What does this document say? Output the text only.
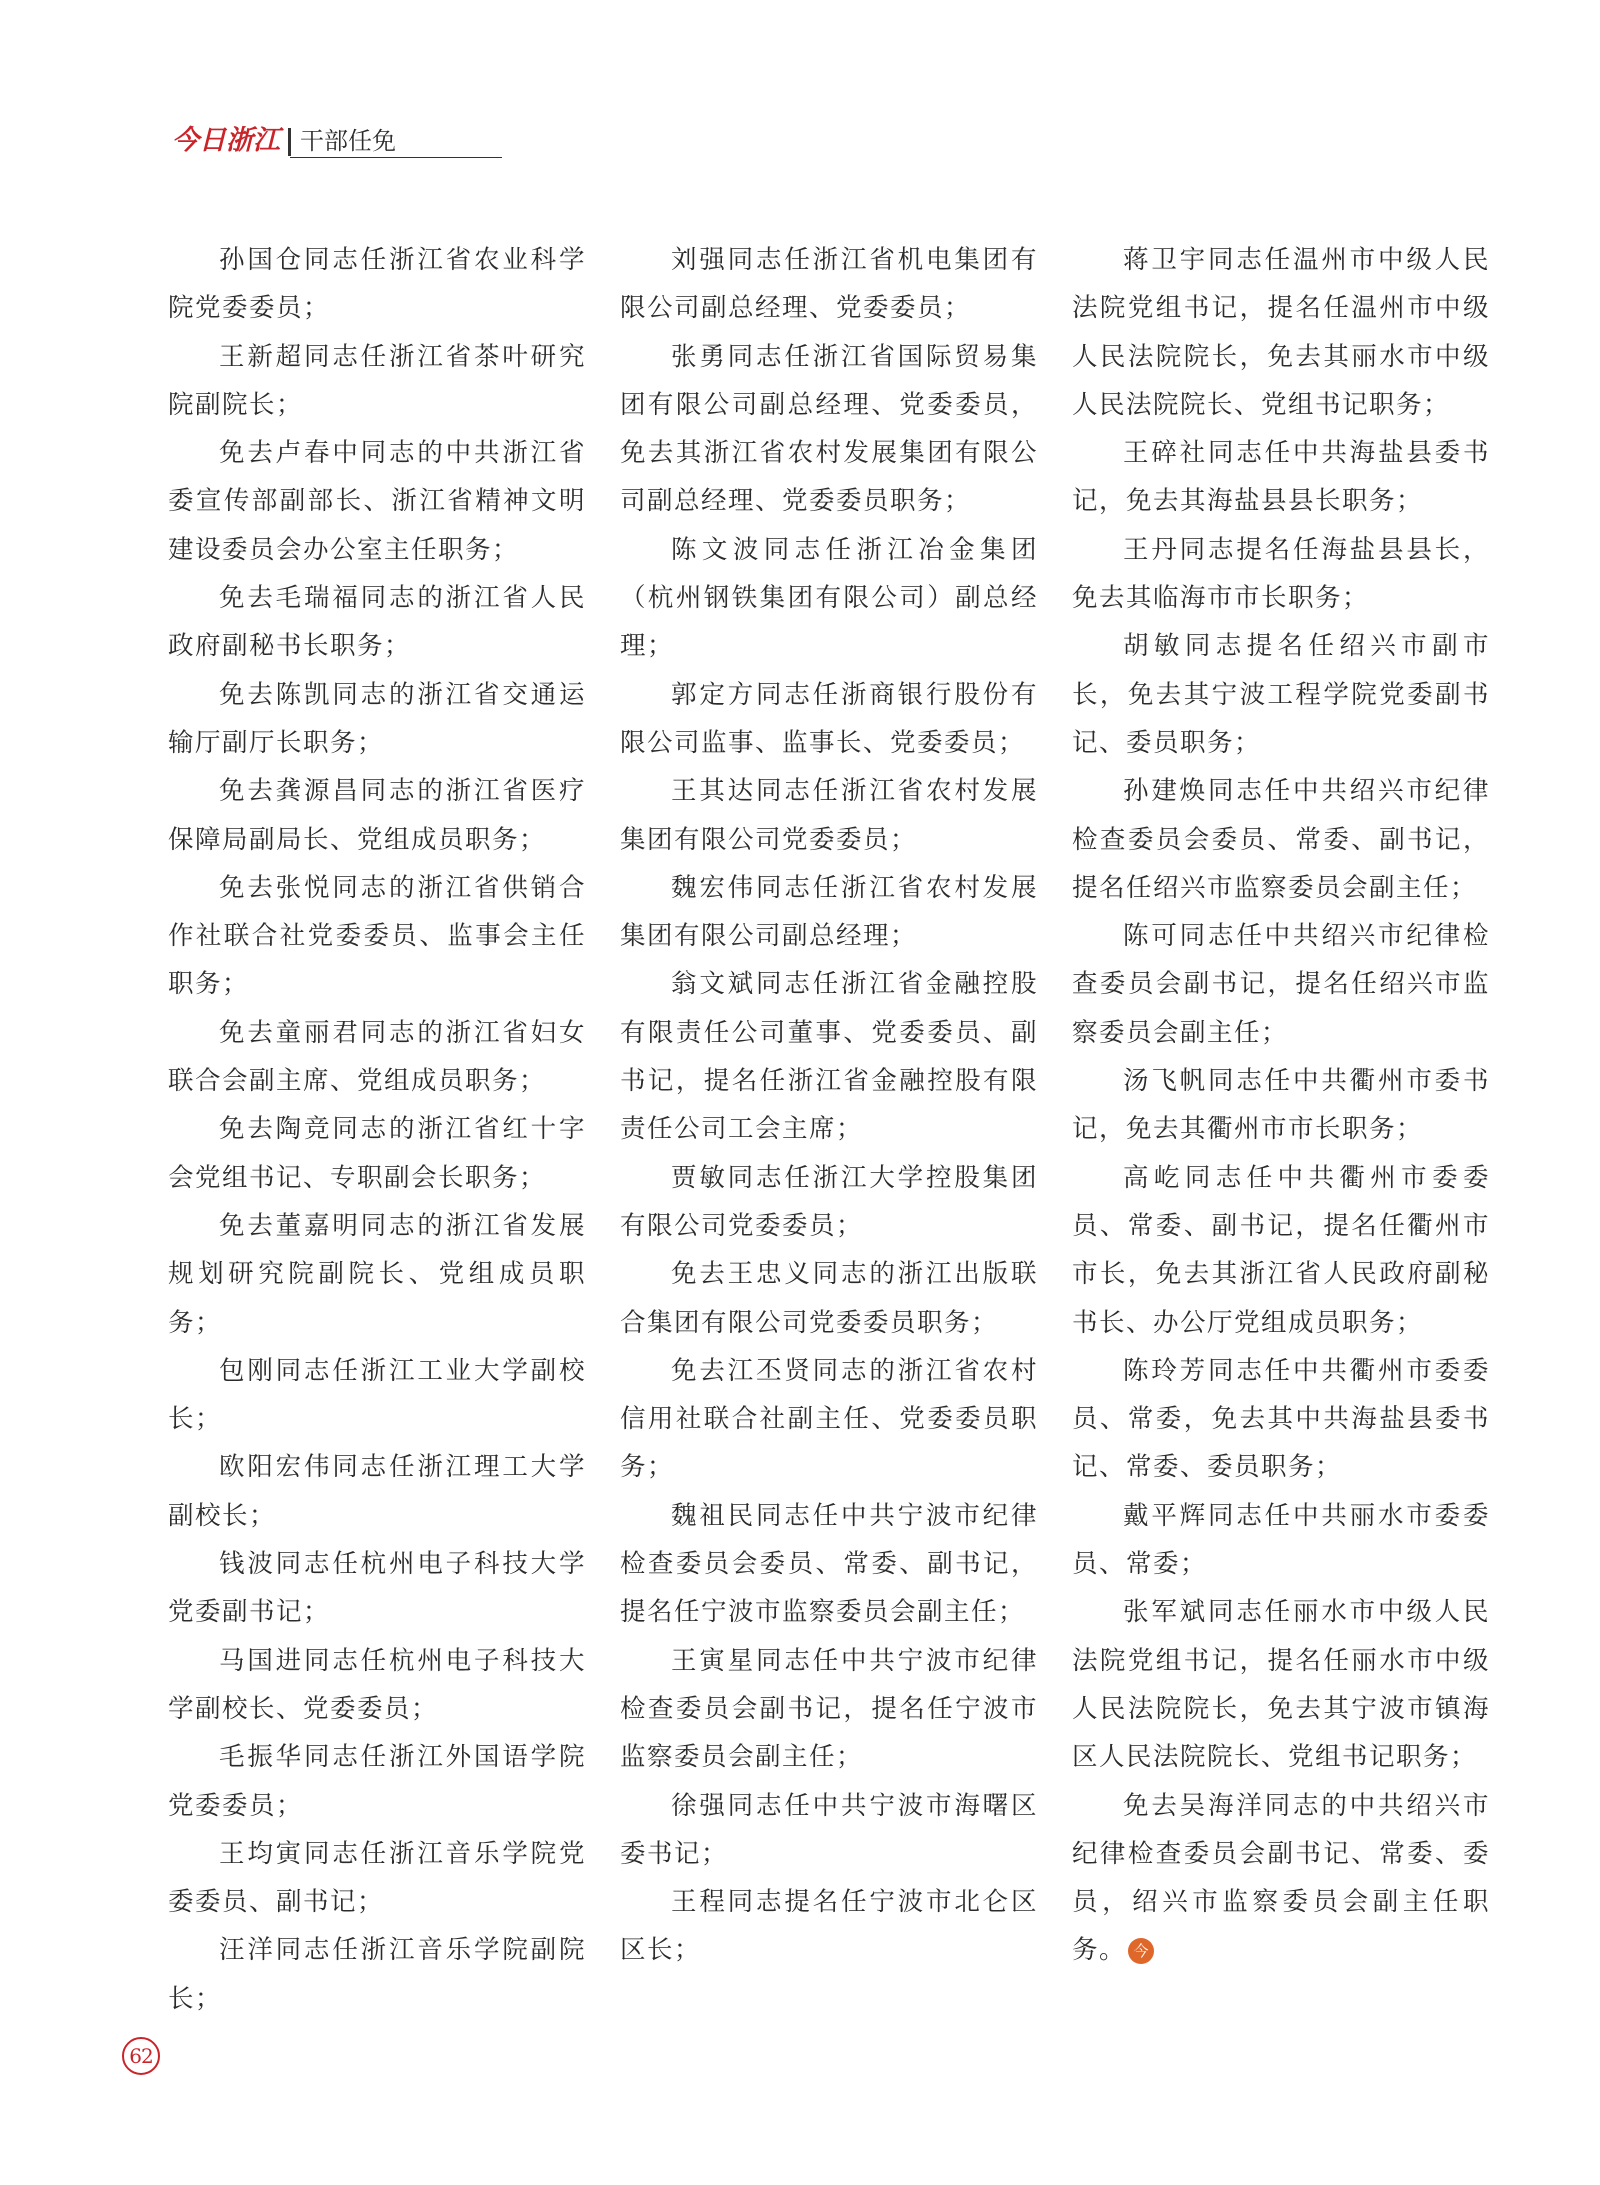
今日浙江 干部任免

孙国仓同志任浙江省农业科学院党委委员；

王新超同志任浙江省茶叶研究院副院长；

免去卢春中同志的中共浙江省委宣传部副部长、浙江省精神文明建设委员会办公室主任职务；

免去毛瑞福同志的浙江省人民政府副秘书长职务；

免去陈凯同志的浙江省交通运输厅副厅长职务；

免去龚源昌同志的浙江省医疗保障局副局长、党组成员职务；

免去张悦同志的浙江省供销合作社联合社党委委员、监事会主任职务；

免去童丽君同志的浙江省妇女联合会副主席、党组成员职务；

免去陶竞同志的浙江省红十字会党组书记、专职副会长职务；

免去董嘉明同志的浙江省发展规划研究院副院长、党组成员职务；

包刚同志任浙江工业大学副校长；

欧阳宏伟同志任浙江理工大学副校长；

钱波同志任杭州电子科技大学党委副书记；

马国进同志任杭州电子科技大学副校长、党委委员；

毛振华同志任浙江外国语学院党委委员；

王均寅同志任浙江音乐学院党委委员、副书记；

汪洋同志任浙江音乐学院副院长；

刘强同志任浙江省机电集团有限公司副总经理、党委委员；

张勇同志任浙江省国际贸易集团有限公司副总经理、党委委员，免去其浙江省农村发展集团有限公司副总经理、党委委员职务；

陈文波同志任浙江冶金集团（杭州钢铁集团有限公司）副总经理；

郭定方同志任浙商银行股份有限公司监事、监事长、党委委员；

王其达同志任浙江省农村发展集团有限公司党委委员；

魏宏伟同志任浙江省农村发展集团有限公司副总经理；

翁文斌同志任浙江省金融控股有限责任公司董事、党委委员、副书记，提名任浙江省金融控股有限责任公司工会主席；

贾敏同志任浙江大学控股集团有限公司党委委员；

免去王忠义同志的浙江出版联合集团有限公司党委委员职务；

免去江丕贤同志的浙江省农村信用社联合社副主任、党委委员职务；

魏祖民同志任中共宁波市纪律检查委员会委员、常委、副书记，提名任宁波市监察委员会副主任；

王寅星同志任中共宁波市纪律检查委员会副书记，提名任宁波市监察委员会副主任；

徐强同志任中共宁波市海曙区委书记；

王程同志提名任宁波市北仑区区长；

蒋卫宇同志任温州市中级人民法院党组书记，提名任温州市中级人民法院院长，免去其丽水市中级人民法院院长、党组书记职务；

王碎社同志任中共海盐县委书记，免去其海盐县县长职务；

王丹同志提名任海盐县县长，免去其临海市市长职务；

胡敏同志提名任绍兴市副市长，免去其宁波工程学院党委副书记、委员职务；

孙建焕同志任中共绍兴市纪律检查委员会委员、常委、副书记，提名任绍兴市监察委员会副主任；

陈可同志任中共绍兴市纪律检查委员会副书记，提名任绍兴市监察委员会副主任；

汤飞帆同志任中共衢州市委书记，免去其衢州市市长职务；

高屹同志任中共衢州市委委员、常委、副书记，提名任衢州市市长，免去其浙江省人民政府副秘书长、办公厅党组成员职务；

陈玲芳同志任中共衢州市委委员、常委，免去其中共海盐县委书记、常委、委员职务；

戴平辉同志任中共丽水市委委员、常委；

张军斌同志任丽水市中级人民法院党组书记，提名任丽水市中级人民法院院长，免去其宁波市镇海区人民法院院长、党组书记职务；

免去吴海洋同志的中共绍兴市纪律检查委员会副书记、常委、委员，绍兴市监察委员会副主任职务。 今

62
